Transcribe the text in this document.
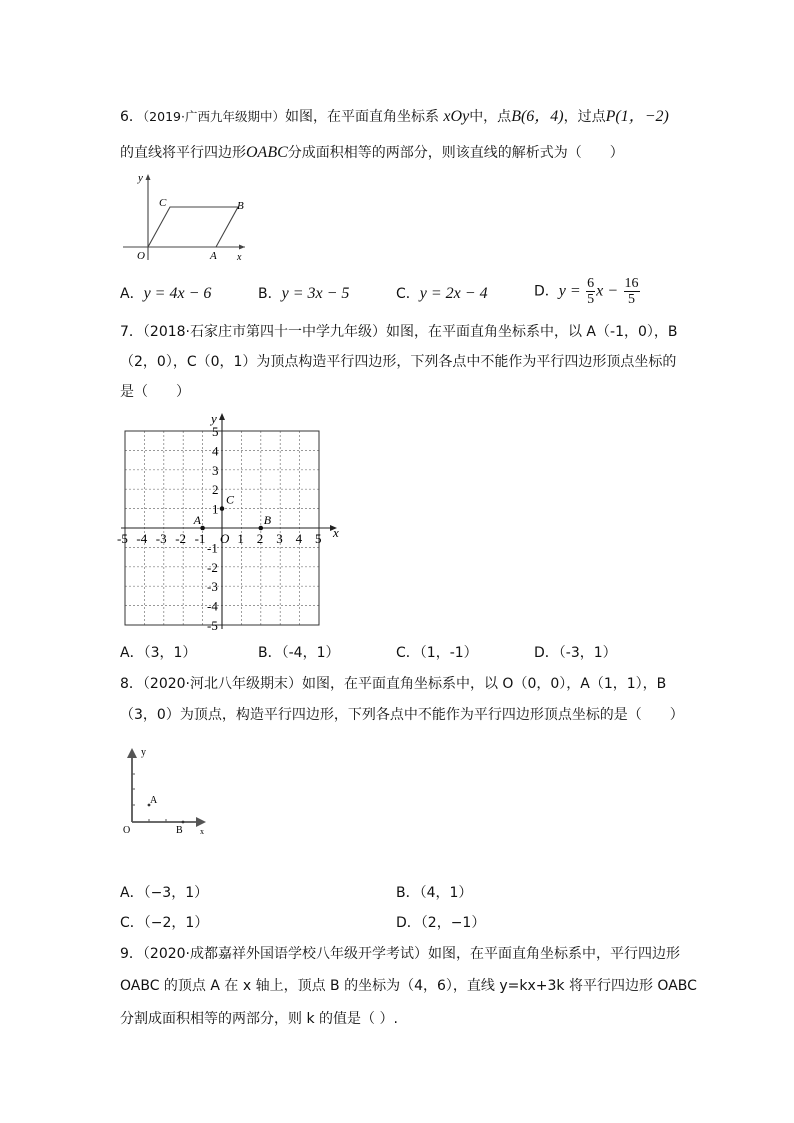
6．（2019·广西九年级期中）如图，在平面直角坐标系 xOy中，点B(6，4)，过点P(1，−2)
的直线将平行四边形OABC分成面积相等的两部分，则该直线的解析式为（　　）
y
C	B
O	A x
A．y = 4x − 6	B．y = 3x − 5	C．y = 2x − 4	D．$y = \frac{6}{5}$ $x - \frac{16}{5}$
7．（2018·石家庄市第四十一中学九年级）如图，在平面直角坐标系中，以 A（-1，0），B
（2，0），C（0，1）为顶点构造平行四边形，下列各点中不能作为平行四边形顶点坐标的
是（　　）
x
y
-5 -4 -3 -2 -1 O 1 2 3 4 5
5
4
3
2
1
-1
-2
-3
-4
-5
A	B
C
A．（3，1）	B．（-4，1）	C．（1，-1）	D．（-3，1）
8．（2020·河北八年级期末）如图，在平面直角坐标系中，以 O（0，0），A（1，1），B
（3，0）为顶点，构造平行四边形，下列各点中不能作为平行四边形顶点坐标的是（　　）
y
A
O	B x
A．（−3，1）	B．（4，1）
C．（−2，1）	D．（2，−1）
9．（2020·成都嘉祥外国语学校八年级开学考试）如图，在平面直角坐标系中，平行四边形
OABC 的顶点 A 在 x 轴上，顶点 B 的坐标为（4，6），直线 y=kx+3k 将平行四边形 OABC
分割成面积相等的两部分，则 k 的值是（ ）.
